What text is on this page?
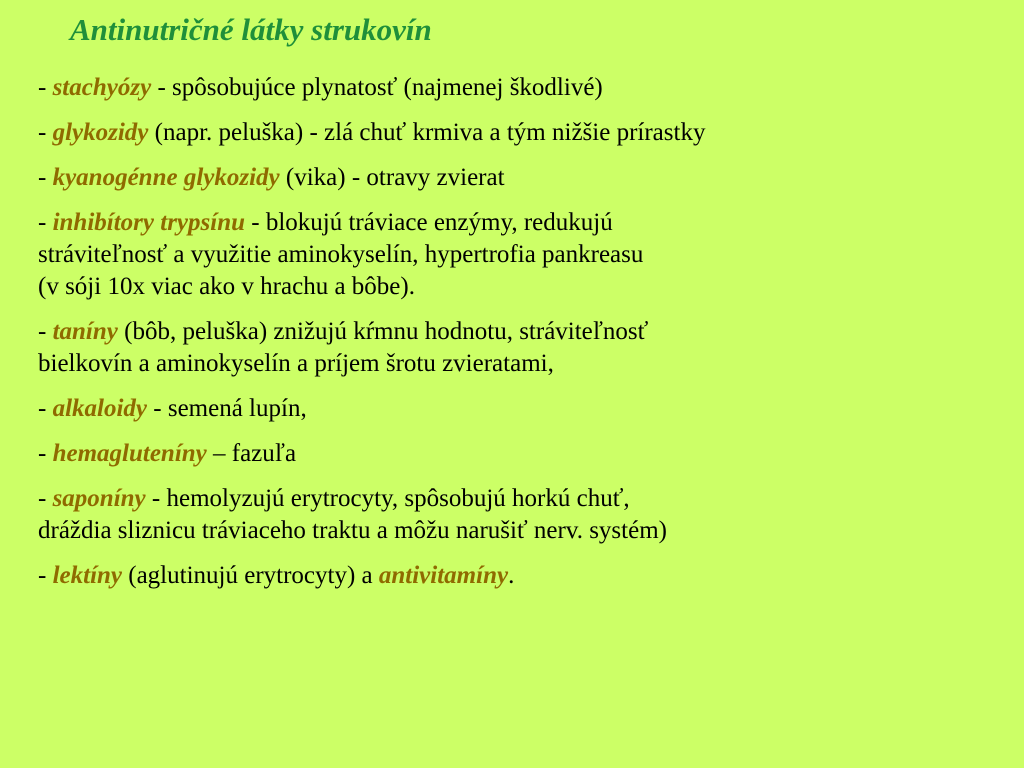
Antinutričné látky strukovín
- stachyózy - spôsobujúce plynatosť (najmenej škodlivé)
- glykozidy (napr. peluška) - zlá chuť krmiva a tým nižšie prírastky
- kyanogénne glykozidy (vika) - otravy zvierat
- inhibítory trypsínu - blokujú tráviace enzýmy, redukujú
stráviteľnosť a využitie aminokyselín, hypertrofia pankreasu
(v sóji 10x viac ako v hrachu a bôbe).
- taníny (bôb, peluška) znižujú kŕmnu hodnotu, stráviteľnosť
bielkovín a aminokyselín a príjem šrotu zvieratami,
- alkaloidy - semená lupín,
- hemagluteníny – fazuľa
- saponíny - hemolyzujú erytrocyty, spôsobujú horkú chuť,
dráždia sliznicu tráviaceho traktu a môžu narušiť nerv. systém)
- lektíny (aglutinujú erytrocyty) a antivitamíny.
